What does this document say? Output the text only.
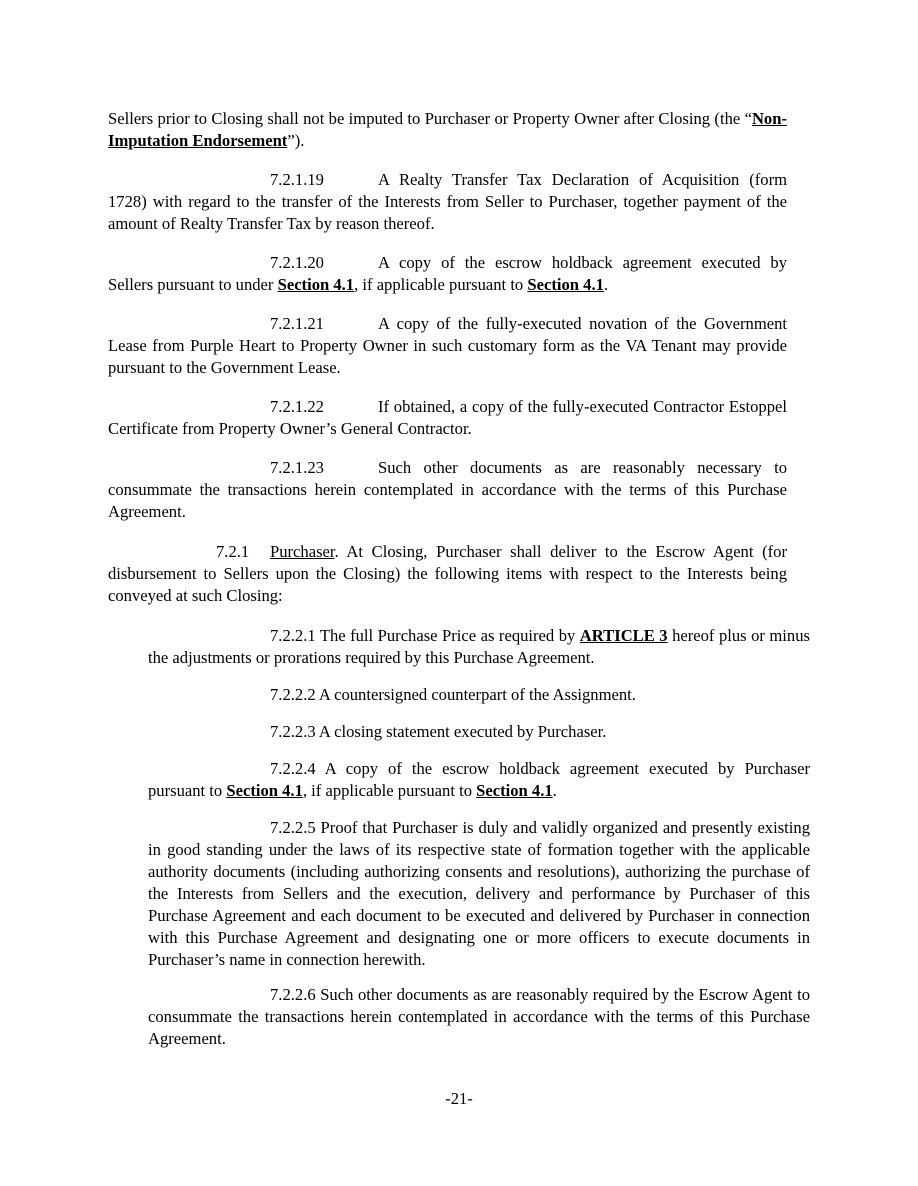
Sellers prior to Closing shall not be imputed to Purchaser or Property Owner after Closing (the “Non-Imputation Endorsement”).

7.2.1.19	A Realty Transfer Tax Declaration of Acquisition (form 1728) with regard to the transfer of the Interests from Seller to Purchaser, together payment of the amount of Realty Transfer Tax by reason thereof.

7.2.1.20	A copy of the escrow holdback agreement executed by Sellers pursuant to under Section 4.1, if applicable pursuant to Section 4.1.

7.2.1.21	A copy of the fully-executed novation of the Government Lease from Purple Heart to Property Owner in such customary form as the VA Tenant may provide pursuant to the Government Lease.

7.2.1.22	If obtained, a copy of the fully-executed Contractor Estoppel Certificate from Property Owner’s General Contractor.

7.2.1.23	Such other documents as are reasonably necessary to consummate the transactions herein contemplated in accordance with the terms of this Purchase Agreement.

7.2.1 Purchaser. At Closing, Purchaser shall deliver to the Escrow Agent (for disbursement to Sellers upon the Closing) the following items with respect to the Interests being conveyed at such Closing:

7.2.2.1 The full Purchase Price as required by ARTICLE 3 hereof plus or minus the adjustments or prorations required by this Purchase Agreement.

7.2.2.2 A countersigned counterpart of the Assignment.

7.2.2.3 A closing statement executed by Purchaser.

7.2.2.4 A copy of the escrow holdback agreement executed by Purchaser pursuant to Section 4.1, if applicable pursuant to Section 4.1.

7.2.2.5 Proof that Purchaser is duly and validly organized and presently existing in good standing under the laws of its respective state of formation together with the applicable authority documents (including authorizing consents and resolutions), authorizing the purchase of the Interests from Sellers and the execution, delivery and performance by Purchaser of this Purchase Agreement and each document to be executed and delivered by Purchaser in connection with this Purchase Agreement and designating one or more officers to execute documents in Purchaser’s name in connection herewith.

7.2.2.6 Such other documents as are reasonably required by the Escrow Agent to consummate the transactions herein contemplated in accordance with the terms of this Purchase Agreement.

-21-
